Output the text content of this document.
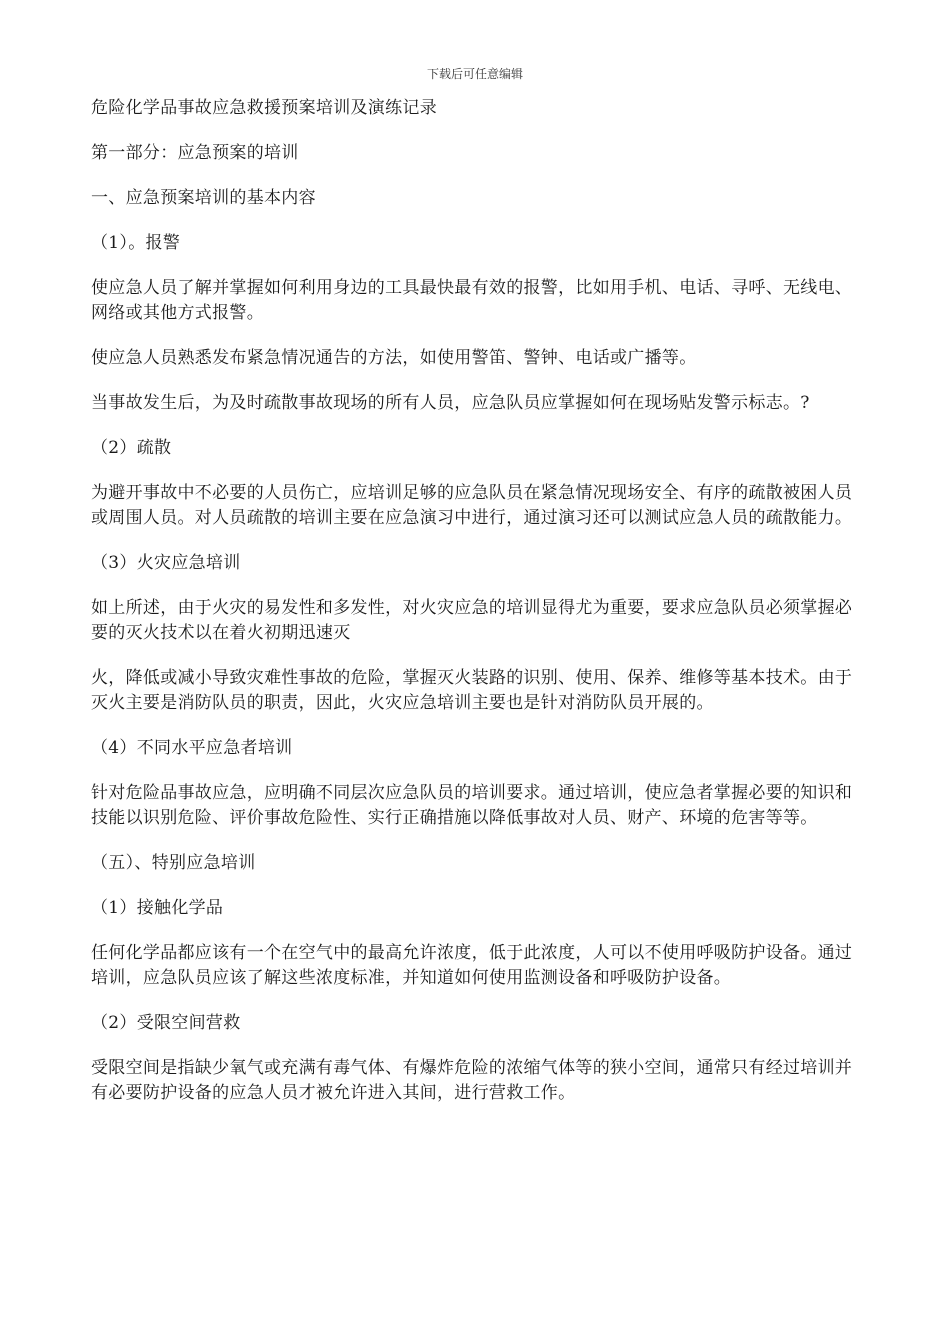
下载后可任意编辑

危险化学品事故应急救援预案培训及演练记录

第一部分：应急预案的培训

一、应急预案培训的基本内容

（1）。报警

使应急人员了解并掌握如何利用身边的工具最快最有效的报警，比如用手机、电话、寻呼、无线电、网络或其他方式报警。

使应急人员熟悉发布紧急情况通告的方法，如使用警笛、警钟、电话或广播等。

当事故发生后，为及时疏散事故现场的所有人员，应急队员应掌握如何在现场贴发警示标志。?

（2）疏散

为避开事故中不必要的人员伤亡，应培训足够的应急队员在紧急情况现场安全、有序的疏散被困人员或周围人员。对人员疏散的培训主要在应急演习中进行，通过演习还可以测试应急人员的疏散能力。

（3）火灾应急培训

如上所述，由于火灾的易发性和多发性，对火灾应急的培训显得尤为重要，要求应急队员必须掌握必要的灭火技术以在着火初期迅速灭

火，降低或减小导致灾难性事故的危险，掌握灭火装路的识别、使用、保养、维修等基本技术。由于灭火主要是消防队员的职责，因此，火灾应急培训主要也是针对消防队员开展的。

（4）不同水平应急者培训

针对危险品事故应急，应明确不同层次应急队员的培训要求。通过培训，使应急者掌握必要的知识和技能以识别危险、评价事故危险性、实行正确措施以降低事故对人员、财产、环境的危害等等。

（五）、特别应急培训

（1）接触化学品

任何化学品都应该有一个在空气中的最高允许浓度，低于此浓度，人可以不使用呼吸防护设备。通过培训，应急队员应该了解这些浓度标准，并知道如何使用监测设备和呼吸防护设备。

（2）受限空间营救

受限空间是指缺少氧气或充满有毒气体、有爆炸危险的浓缩气体等的狭小空间，通常只有经过培训并有必要防护设备的应急人员才被允许进入其间，进行营救工作。
